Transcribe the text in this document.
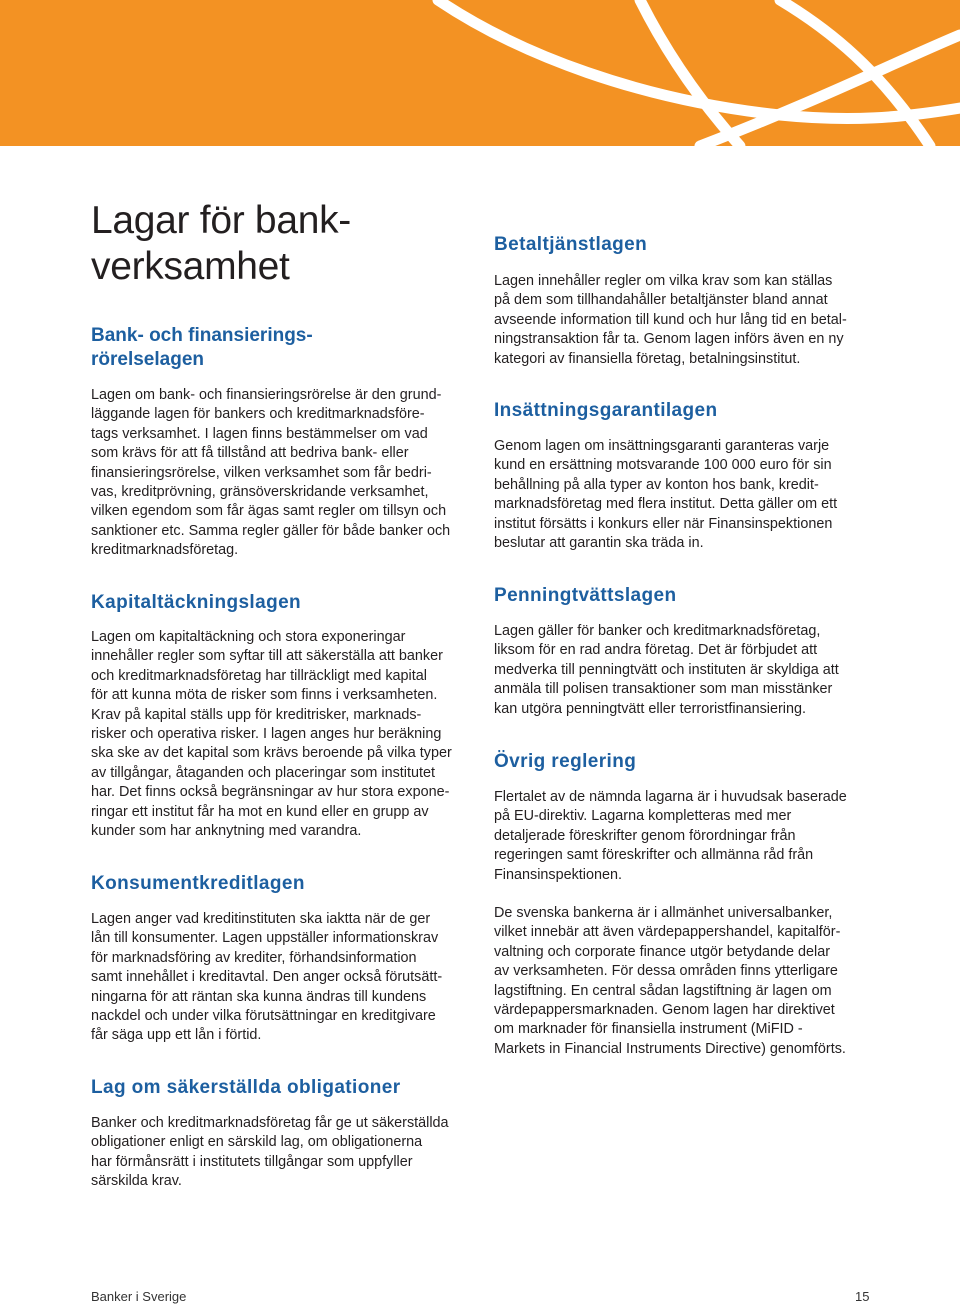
Lagar för bank-
verksamhet
Bank- och finansierings-
rörelselagen

Lagen om bank- och finansieringsrörelse är den grund-
läggande lagen för bankers och kreditmarknadsföre-
tags verksamhet. I lagen finns bestämmelser om vad
som krävs för att få tillstånd att bedriva bank- eller
finansieringsrörelse, vilken verksamhet som får bedri-
vas, kreditprövning, gränsöverskridande verksamhet,
vilken egendom som får ägas samt regler om tillsyn och
sanktioner etc. Samma regler gäller för både banker och
kreditmarknadsföretag.

Kapitaltäckningslagen

Lagen om kapitaltäckning och stora exponeringar
innehåller regler som syftar till att säkerställa att banker
och kreditmarknadsföretag har tillräckligt med kapital
för att kunna möta de risker som finns i verksamheten.
Krav på kapital ställs upp för kreditrisker, marknads-
risker och operativa risker. I lagen anges hur beräkning
ska ske av det kapital som krävs beroende på vilka typer
av tillgångar, åtaganden och placeringar som institutet
har. Det finns också begränsningar av hur stora expone-
ringar ett institut får ha mot en kund eller en grupp av
kunder som har anknytning med varandra.

Konsumentkreditlagen

Lagen anger vad kreditinstituten ska iaktta när de ger
lån till konsumenter. Lagen uppställer informationskrav
för marknadsföring av krediter, förhandsinformation
samt innehållet i kreditavtal. Den anger också förutsätt-
ningarna för att räntan ska kunna ändras till kundens
nackdel och under vilka förutsättningar en kreditgivare
får säga upp ett lån i förtid.

Lag om säkerställda obligationer

Banker och kreditmarknadsföretag får ge ut säkerställda
obligationer enligt en särskild lag, om obligationerna
har förmånsrätt i institutets tillgångar som uppfyller
särskilda krav.

Betaltjänstlagen

Lagen innehåller regler om vilka krav som kan ställas
på dem som tillhandahåller betaltjänster bland annat
avseende information till kund och hur lång tid en betal-
ningstransaktion får ta. Genom lagen införs även en ny
kategori av finansiella företag, betalningsinstitut.

Insättningsgarantilagen

Genom lagen om insättningsgaranti garanteras varje
kund en ersättning motsvarande 100 000 euro för sin
behållning på alla typer av konton hos bank, kredit-
marknadsföretag med flera institut. Detta gäller om ett
institut försätts i konkurs eller när Finansinspektionen
beslutar att garantin ska träda in.

Penningtvättslagen

Lagen gäller för banker och kreditmarknadsföretag,
liksom för en rad andra företag. Det är förbjudet att
medverka till penningtvätt och instituten är skyldiga att
anmäla till polisen transaktioner som man misstänker
kan utgöra penningtvätt eller terroristfinansiering.

Övrig reglering

Flertalet av de nämnda lagarna är i huvudsak baserade
på EU-direktiv. Lagarna kompletteras med mer
detaljerade föreskrifter genom förordningar från
regeringen samt föreskrifter och allmänna råd från
Finansinspektionen.

De svenska bankerna är i allmänhet universalbanker,
vilket innebär att även värdepappershandel, kapitalför-
valtning och corporate finance utgör betydande delar
av verksamheten. För dessa områden finns ytterligare
lagstiftning. En central sådan lagstiftning är lagen om
värdepappersmarknaden. Genom lagen har direktivet
om marknader för finansiella instrument (MiFID -
Markets in Financial Instruments Directive) genomförts.

Banker i Sverige	15
